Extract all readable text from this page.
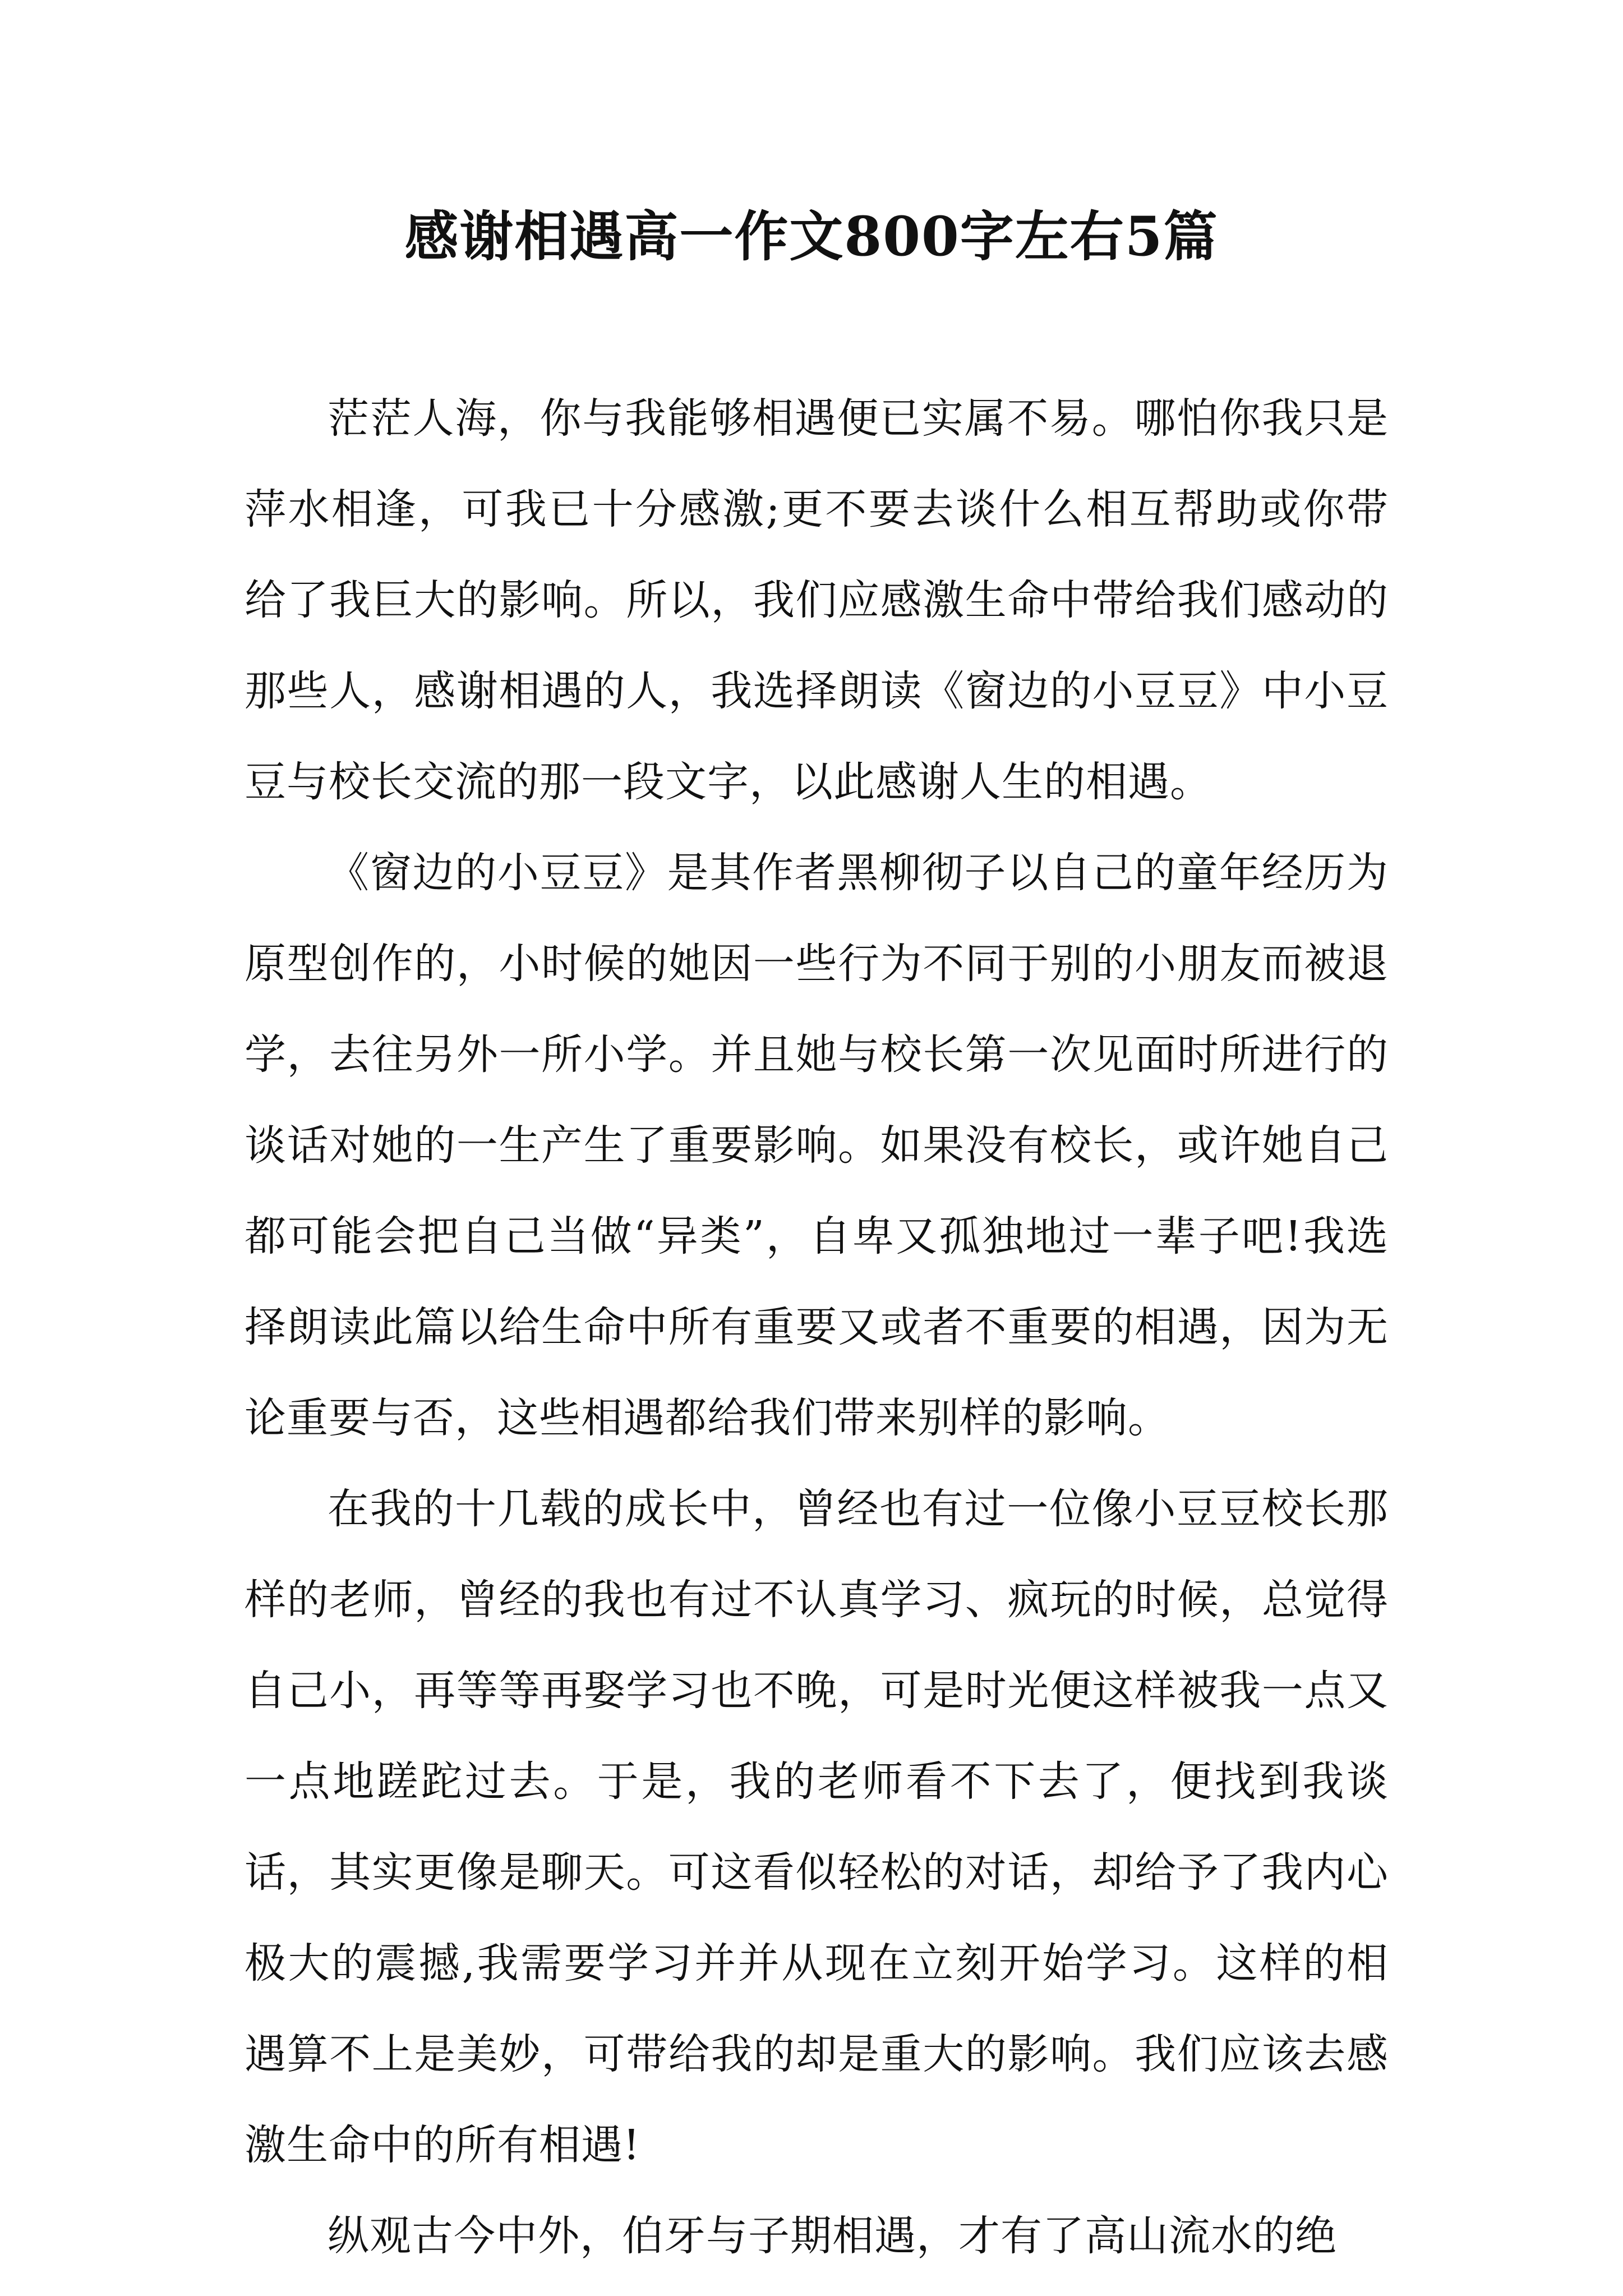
感谢相遇高一作文800字左右5篇

茫茫人海，你与我能够相遇便已实属不易。哪怕你我只是萍水相逢，可我已十分感激;更不要去谈什么相互帮助或你带给了我巨大的影响。所以，我们应感激生命中带给我们感动的那些人，感谢相遇的人，我选择朗读《窗边的小豆豆》中小豆豆与校长交流的那一段文字，以此感谢人生的相遇。

《窗边的小豆豆》是其作者黑柳彻子以自己的童年经历为原型创作的，小时候的她因一些行为不同于别的小朋友而被退学，去往另外一所小学。并且她与校长第一次见面时所进行的谈话对她的一生产生了重要影响。如果没有校长，或许她自己都可能会把自己当做“异类”，自卑又孤独地过一辈子吧!我选择朗读此篇以给生命中所有重要又或者不重要的相遇，因为无论重要与否，这些相遇都给我们带来别样的影响。

在我的十几载的成长中，曾经也有过一位像小豆豆校长那样的老师，曾经的我也有过不认真学习、疯玩的时候，总觉得自己小，再等等再娶学习也不晚，可是时光便这样被我一点又一点地蹉跎过去。于是，我的老师看不下去了，便找到我谈话，其实更像是聊天。可这看似轻松的对话，却给予了我内心极大的震撼,我需要学习并并从现在立刻开始学习。这样的相遇算不上是美妙，可带给我的却是重大的影响。我们应该去感激生命中的所有相遇!

纵观古今中外，伯牙与子期相遇，才有了高山流水的绝
